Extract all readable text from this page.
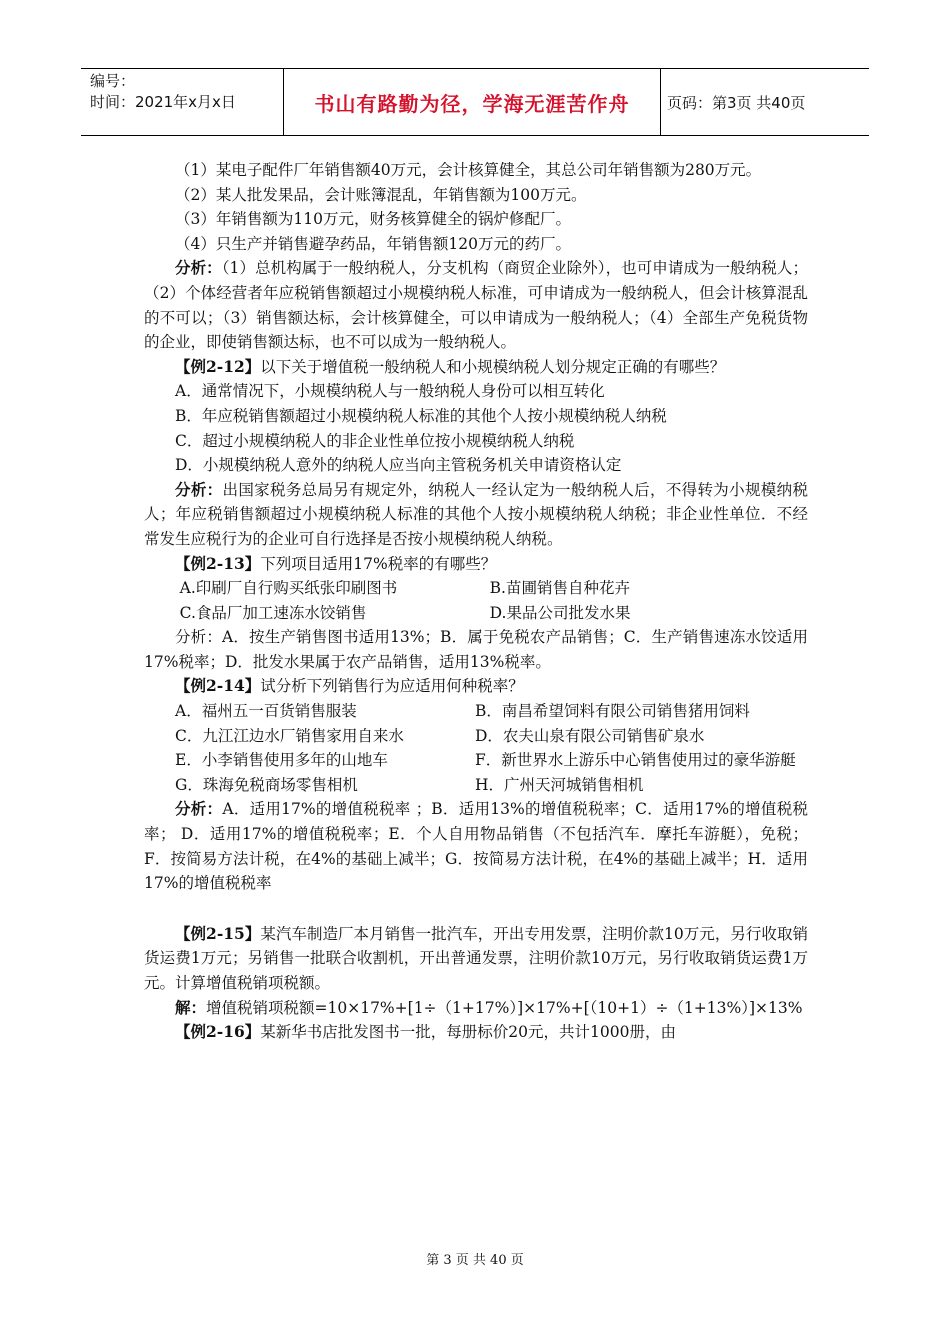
编号：
时间：2021年x月x日	书山有路勤为径，学海无涯苦作舟	页码：第3页 共40页

（1）某电子配件厂年销售额40万元，会计核算健全，其总公司年销售额为280万元。

（2）某人批发果品，会计账簿混乱，年销售额为100万元。

（3）年销售额为110万元，财务核算健全的锅炉修配厂。

（4）只生产并销售避孕药品，年销售额120万元的药厂。

分析：（1）总机构属于一般纳税人，分支机构（商贸企业除外），也可申请成为一般纳税人；（2）个体经营者年应税销售额超过小规模纳税人标准，可申请成为一般纳税人，但会计核算混乱的不可以；（3）销售额达标，会计核算健全，可以申请成为一般纳税人；（4）全部生产免税货物的企业，即使销售额达标，也不可以成为一般纳税人。

【例2-12】以下关于增值税一般纳税人和小规模纳税人划分规定正确的有哪些？

A．通常情况下，小规模纳税人与一般纳税人身份可以相互转化

B．年应税销售额超过小规模纳税人标准的其他个人按小规模纳税人纳税

C．超过小规模纳税人的非企业性单位按小规模纳税人纳税

D．小规模纳税人意外的纳税人应当向主管税务机关申请资格认定

分析：出国家税务总局另有规定外，纳税人一经认定为一般纳税人后，不得转为小规模纳税人；年应税销售额超过小规模纳税人标准的其他个人按小规模纳税人纳税；非企业性单位．不经常发生应税行为的企业可自行选择是否按小规模纳税人纳税。

【例2-13】下列项目适用17%税率的有哪些？

A.印刷厂自行购买纸张印刷图书	B.苗圃销售自种花卉
C.食品厂加工速冻水饺销售	D.果品公司批发水果

分析：A．按生产销售图书适用13%；B．属于免税农产品销售；C．生产销售速冻水饺适用17%税率；D．批发水果属于农产品销售，适用13%税率。

【例2-14】试分析下列销售行为应适用何种税率？

A．福州五一百货销售服装	B．南昌希望饲料有限公司销售猪用饲料
C．九江江边水厂销售家用自来水	D．农夫山泉有限公司销售矿泉水
E．小李销售使用多年的山地车	F．新世界水上游乐中心销售使用过的豪华游艇
G．珠海免税商场零售相机	H．广州天河城销售相机

分析：A．适用17%的增值税税率 ；B．适用13%的增值税税率；C．适用17%的增值税税率； D．适用17%的增值税税率；E．个人自用物品销售（不包括汽车．摩托车游艇），免税；F．按简易方法计税，在4%的基础上减半；G．按简易方法计税，在4%的基础上减半；H．适用17%的增值税税率

【例2-15】某汽车制造厂本月销售一批汽车，开出专用发票，注明价款10万元，另行收取销货运费1万元；另销售一批联合收割机，开出普通发票，注明价款10万元，另行收取销货运费1万元。计算增值税销项税额。

解：增值税销项税额=10×17%+[1÷（1+17%）]×17%+[（10+1）÷（1+13%）]×13%

【例2-16】某新华书店批发图书一批，每册标价20元，共计1000册，由

第 3 页 共 40 页
